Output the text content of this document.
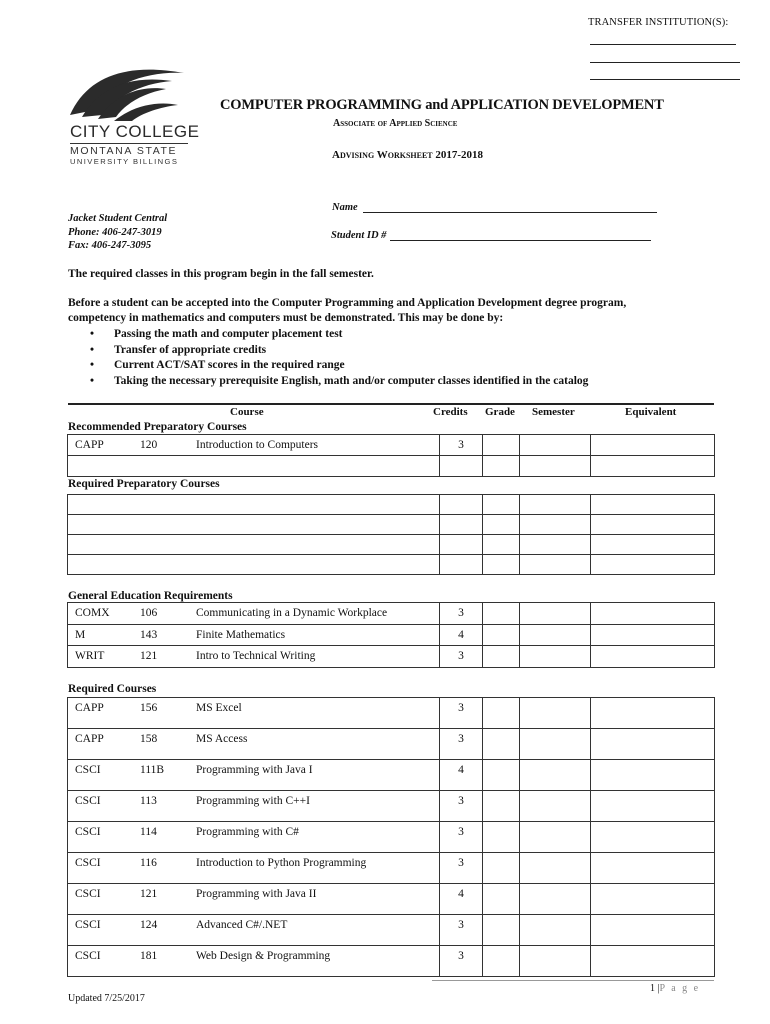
TRANSFER INSTITUTION(S):
CITY COLLEGE
MONTANA STATE
UNIVERSITY BILLINGS
COMPUTER PROGRAMMING and APPLICATION DEVELOPMENT
Associate of Applied Science
Advising Worksheet 2017-2018
Name
Student ID #
Jacket Student Central
Phone: 406-247-3019
Fax: 406-247-3095
The required classes in this program begin in the fall semester.
Before a student can be accepted into the Computer Programming and Application Development degree program,
competency in mathematics and computers must be demonstrated. This may be done by:
• Passing the math and computer placement test
• Transfer of appropriate credits
• Current ACT/SAT scores in the required range
• Taking the necessary prerequisite English, math and/or computer classes identified in the catalog
Course	Credits Grade Semester	Equivalent
Recommended Preparatory Courses
Required Preparatory Courses
General Education Requirements
Required Courses
CAPP 120 Introduction to Computers	3			

COMX 106 Communicating in a Dynamic Workplace	3			

M 143 Finite Mathematics	4			

WRIT 121 Intro to Technical Writing	3			
CAPP 156 MS Excel	3			

CAPP 158 MS Access	3			

CSCI 111B Programming with Java I	4			

CSCI 113 Programming with C++I	3			

CSCI 114 Programming with C#	3			

CSCI 116 Introduction to Python Programming	3			

CSCI 121 Programming with Java II	4			

CSCI 124 Advanced C#/.NET	3			

CSCI 181 Web Design & Programming	3			
1 |P a g e
Updated 7/25/2017
